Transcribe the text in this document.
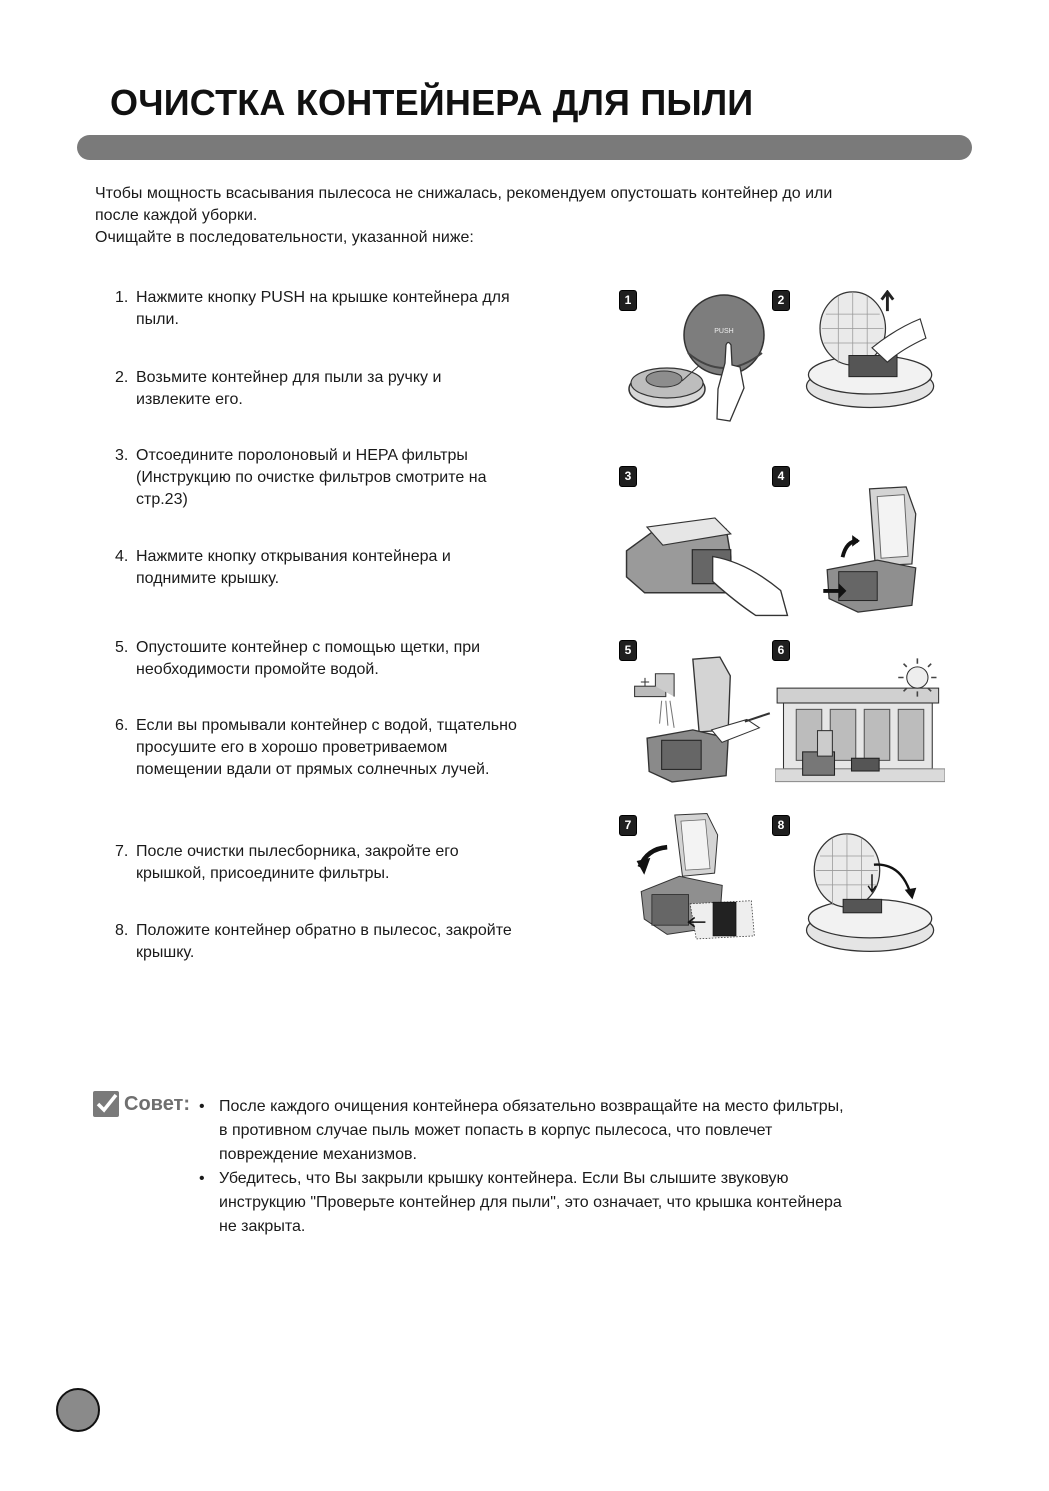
ОЧИСТКА КОНТЕЙНЕРА ДЛЯ ПЫЛИ

Чтобы мощность всасывания пылесоса не снижалась, рекомендуем опустошать контейнер до или

после каждой уборки.

Очищайте в последовательности, указанной ниже:

1. Нажмите кнопку PUSH на крышке контейнера для
пыли.
2. Возьмите контейнер для пыли за ручку и
извлеките его.
3. Отсоедините поролоновый и HEPA фильтры
(Инструкцию по очистке фильтров смотрите на
стр.23)
4. Нажмите кнопку открывания контейнера и
поднимите крышку.
5. Опустошите контейнер с помощью щетки, при
необходимости промойте водой.
6. Если вы промывали контейнер с водой, тщательно
просушите его в хорошо проветриваемом
помещении вдали от прямых солнечных лучей.
7. После очистки пылесборника, закройте его
крышкой, присоедините фильтры.
8. Положите контейнер обратно в пылесос, закройте
крышку.
1	2
3	4
5	6
7	8
PUSH
Совет: • После каждого очищения контейнера обязательно возвращайте на место фильтры,
в противном случае пыль может попасть в корпус пылесоса, что повлечет
повреждение механизмов.
• Убедитесь, что Вы закрыли крышку контейнера. Если Вы слышите звуковую
инструкцию "Проверьте контейнер для пыли", это означает, что крышка контейнера
не закрыта.
